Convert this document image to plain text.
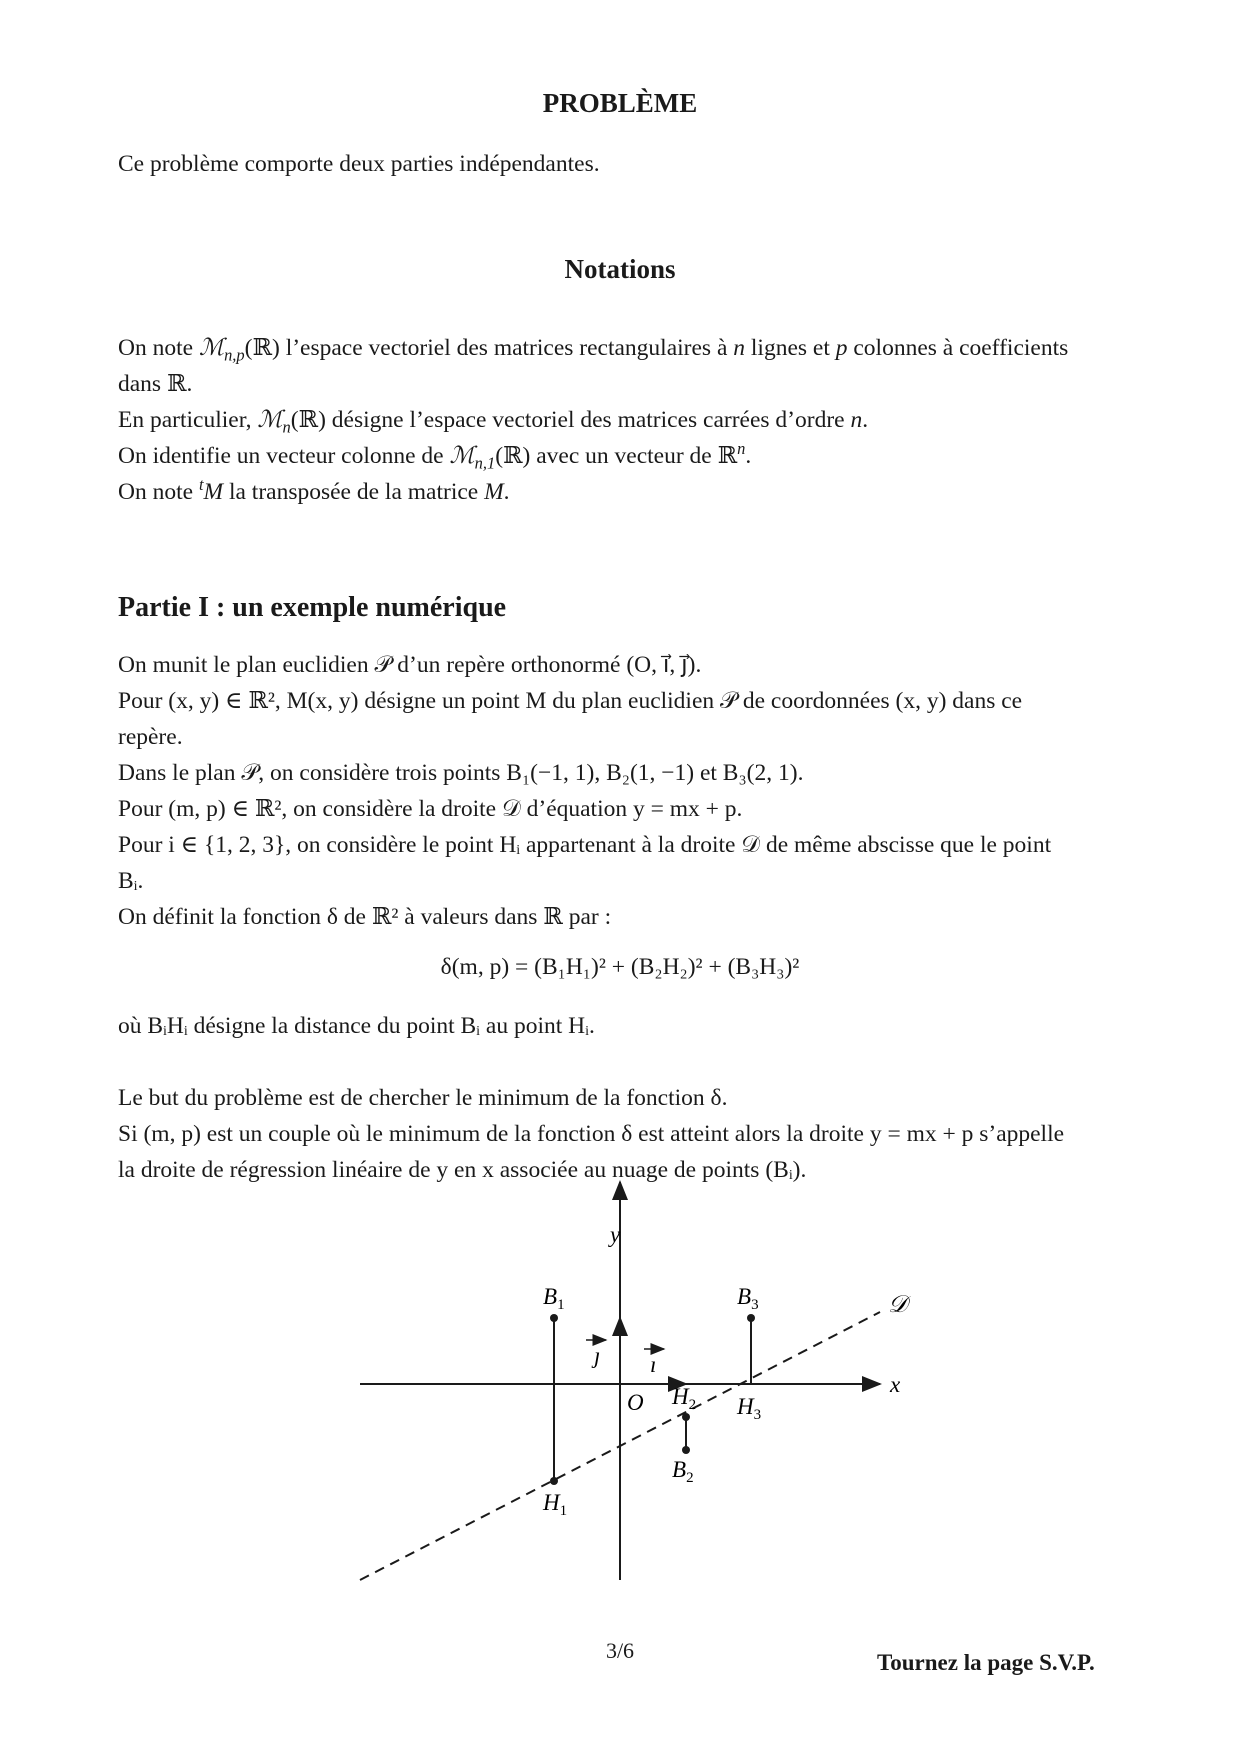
PROBLÈME
Ce problème comporte deux parties indépendantes.
Notations
On note ℳ$_{n,p}$(ℝ) l’espace vectoriel des matrices rectangulaires à n lignes et p colonnes à coefficients
dans ℝ.
En particulier, ℳ$_n$(ℝ) désigne l’espace vectoriel des matrices carrées d’ordre n.
On identifie un vecteur colonne de ℳ$_{n,1}$(ℝ) avec un vecteur de ℝ$^n$.
On note $^t$M la transposée de la matrice M.
Partie I : un exemple numérique
On munit le plan euclidien 𝒫 d’un repère orthonormé (O, ı⃗, ȷ⃗).
Pour (x, y) ∈ ℝ², M(x, y) désigne un point M du plan euclidien 𝒫 de coordonnées (x, y) dans ce
repère.
Dans le plan 𝒫, on considère trois points B₁(−1, 1), B₂(1, −1) et B₃(2, 1).
Pour (m, p) ∈ ℝ², on considère la droite 𝒟 d’équation y = mx + p.
Pour i ∈ {1, 2, 3}, on considère le point Hᵢ appartenant à la droite 𝒟 de même abscisse que le point
Bᵢ.
On définit la fonction δ de ℝ² à valeurs dans ℝ par :
δ(m, p) = (B₁H₁)² + (B₂H₂)² + (B₃H₃)²
où BᵢHᵢ désigne la distance du point Bᵢ au point Hᵢ.
Le but du problème est de chercher le minimum de la fonction δ.
Si (m, p) est un couple où le minimum de la fonction δ est atteint alors la droite y = mx + p s’appelle
la droite de régression linéaire de y en x associée au nuage de points (Bᵢ).
y
x
O
ı
ȷ
𝒟
$B_1$
$H_1$
$H_2$
$B_2$
$B_3$
$H_3$
3/6	Tournez la page S.V.P.
